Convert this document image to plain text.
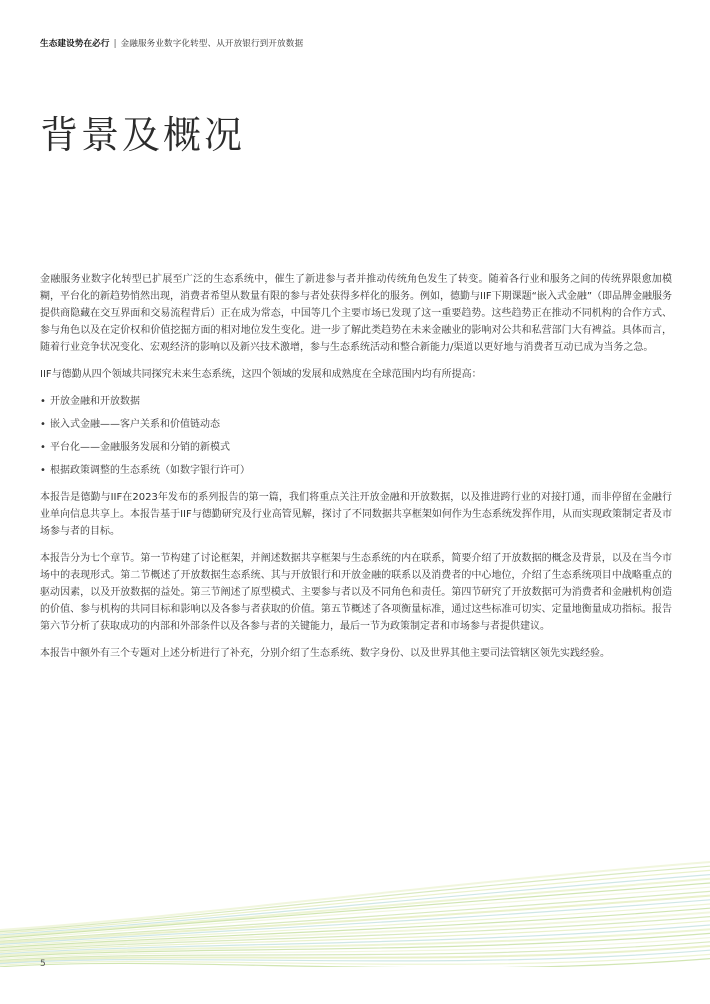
生态建设势在必行 | 金融服务业数字化转型、从开放银行到开放数据
背景及概况

金融服务业数字化转型已扩展至广泛的生态系统中，催生了新进参与者并推动传统角色发生了转变。随着各行业和服务之间的传统界限愈加模糊，平台化的新趋势悄然出现，消费者希望从数量有限的参与者处获得多样化的服务。例如，德勤与IIF下期课题“嵌入式金融”（即品牌金融服务提供商隐藏在交互界面和交易流程背后）正在成为常态，中国等几个主要市场已发现了这一重要趋势。这些趋势正在推动不同机构的合作方式、参与角色以及在定价权和价值挖掘方面的相对地位发生变化。进一步了解此类趋势在未来金融业的影响对公共和私营部门大有裨益。具体而言，随着行业竞争状况变化、宏观经济的影响以及新兴技术激增，参与生态系统活动和整合新能力/渠道以更好地与消费者互动已成为当务之急。

IIF与德勤从四个领域共同探究未来生态系统，这四个领域的发展和成熟度在全球范围内均有所提高：

• 开放金融和开放数据
• 嵌入式金融——客户关系和价值链动态
• 平台化——金融服务发展和分销的新模式
• 根据政策调整的生态系统（如数字银行许可）

本报告是德勤与IIF在2023年发布的系列报告的第一篇，我们将重点关注开放金融和开放数据，以及推进跨行业的对接打通，而非停留在金融行业单向信息共享上。本报告基于IIF与德勤研究及行业高管见解，探讨了不同数据共享框架如何作为生态系统发挥作用，从而实现政策制定者及市场参与者的目标。

本报告分为七个章节。第一节构建了讨论框架，并阐述数据共享框架与生态系统的内在联系，简要介绍了开放数据的概念及背景，以及在当今市场中的表现形式。第二节概述了开放数据生态系统、其与开放银行和开放金融的联系以及消费者的中心地位，介绍了生态系统项目中战略重点的驱动因素，以及开放数据的益处。第三节阐述了原型模式、主要参与者以及不同角色和责任。第四节研究了开放数据可为消费者和金融机构创造的价值、参与机构的共同目标和影响以及各参与者获取的价值。第五节概述了各项衡量标准，通过这些标准可切实、定量地衡量成功指标。报告第六节分析了获取成功的内部和外部条件以及各参与者的关键能力，最后一节为政策制定者和市场参与者提供建议。

本报告中额外有三个专题对上述分析进行了补充，分别介绍了生态系统、数字身份、以及世界其他主要司法管辖区领先实践经验。

5
